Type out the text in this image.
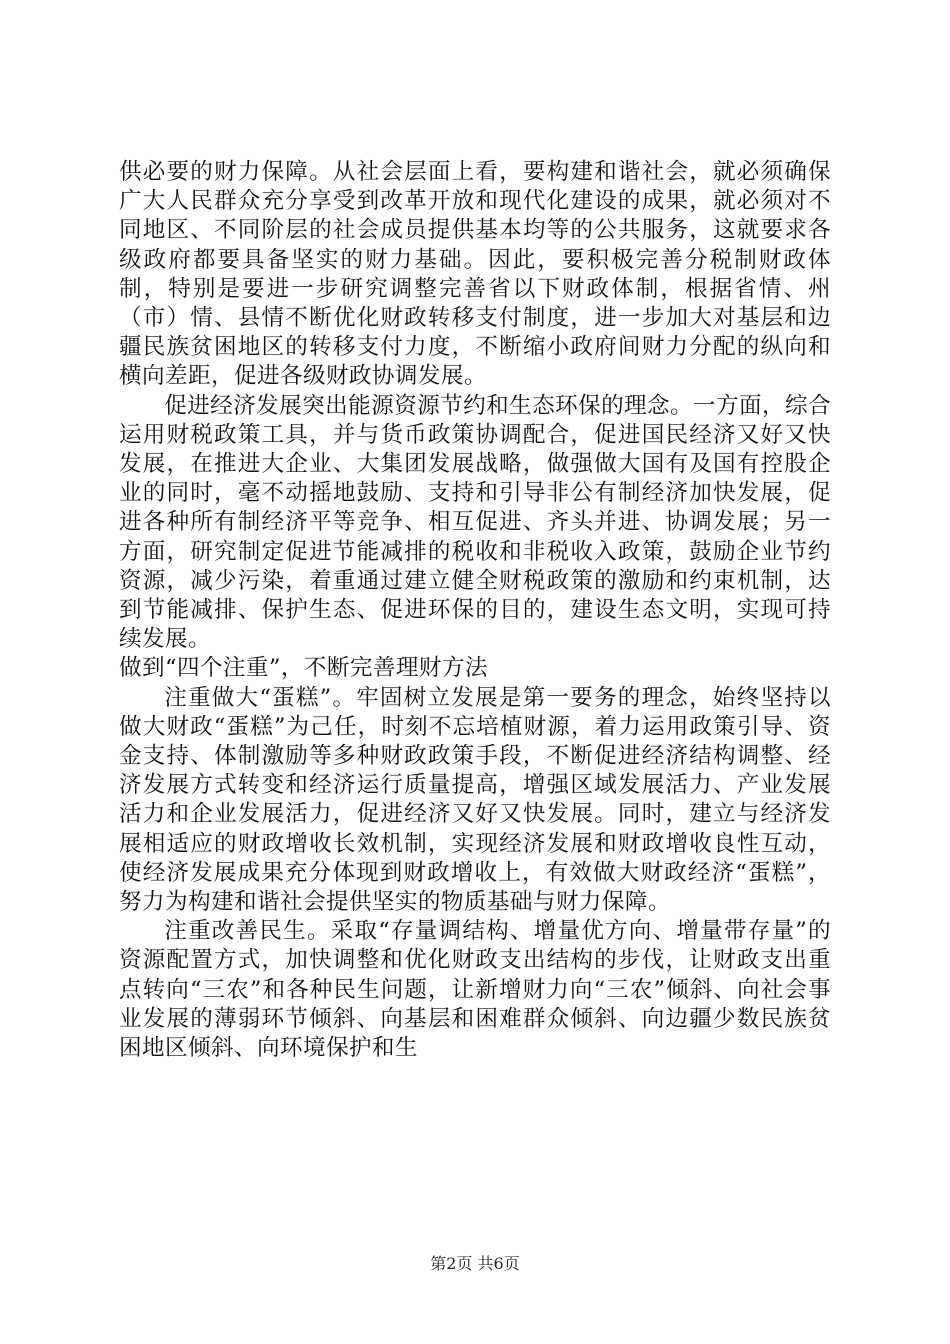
供必要的财力保障。从社会层面上看，要构建和谐社会，就必须确保广大人民群众充分享受到改革开放和现代化建设的成果，就必须对不同地区、不同阶层的社会成员提供基本均等的公共服务，这就要求各级政府都要具备坚实的财力基础。因此，要积极完善分税制财政体制，特别是要进一步研究调整完善省以下财政体制，根据省情、州（市）情、县情不断优化财政转移支付制度，进一步加大对基层和边疆民族贫困地区的转移支付力度，不断缩小政府间财力分配的纵向和横向差距，促进各级财政协调发展。

促进经济发展突出能源资源节约和生态环保的理念。一方面，综合运用财税政策工具，并与货币政策协调配合，促进国民经济又好又快发展，在推进大企业、大集团发展战略，做强做大国有及国有控股企业的同时，毫不动摇地鼓励、支持和引导非公有制经济加快发展，促进各种所有制经济平等竞争、相互促进、齐头并进、协调发展；另一方面，研究制定促进节能减排的税收和非税收入政策，鼓励企业节约资源，减少污染，着重通过建立健全财税政策的激励和约束机制，达到节能减排、保护生态、促进环保的目的，建设生态文明，实现可持续发展。

做到“四个注重”，不断完善理财方法

注重做大“蛋糕”。牢固树立发展是第一要务的理念，始终坚持以做大财政“蛋糕”为己任，时刻不忘培植财源，着力运用政策引导、资金支持、体制激励等多种财政政策手段，不断促进经济结构调整、经济发展方式转变和经济运行质量提高，增强区域发展活力、产业发展活力和企业发展活力，促进经济又好又快发展。同时，建立与经济发展相适应的财政增收长效机制，实现经济发展和财政增收良性互动，使经济发展成果充分体现到财政增收上，有效做大财政经济“蛋糕”，努力为构建和谐社会提供坚实的物质基础与财力保障。

注重改善民生。采取“存量调结构、增量优方向、增量带存量”的资源配置方式，加快调整和优化财政支出结构的步伐，让财政支出重点转向“三农”和各种民生问题，让新增财力向“三农”倾斜、向社会事业发展的薄弱环节倾斜、向基层和困难群众倾斜、向边疆少数民族贫困地区倾斜、向环境保护和生

第2页 共6页
